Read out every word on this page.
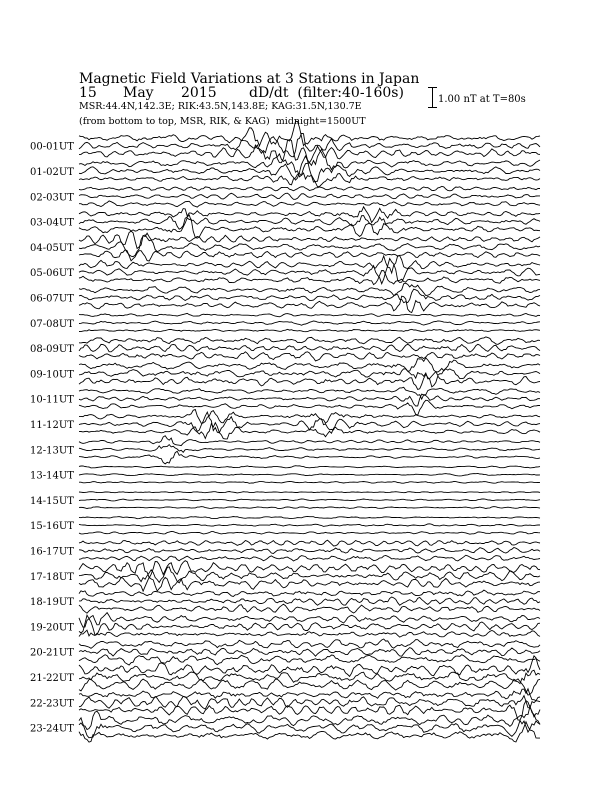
Magnetic Field Variations at 3 Stations in Japan
15 May 2015 dD/dt (filter:40-160s)
MSR:44.4N,142.3E; RIK:43.5N,143.8E; KAG:31.5N,130.7E
(from bottom to top, MSR, RIK, & KAG) midnight=1500UT
1.00 nT at T=80s
00-01UT
01-02UT
02-03UT
03-04UT
04-05UT
05-06UT
06-07UT
07-08UT
08-09UT
09-10UT
10-11UT
11-12UT
12-13UT
13-14UT
14-15UT
15-16UT
16-17UT
17-18UT
18-19UT
19-20UT
20-21UT
21-22UT
22-23UT
23-24UT
